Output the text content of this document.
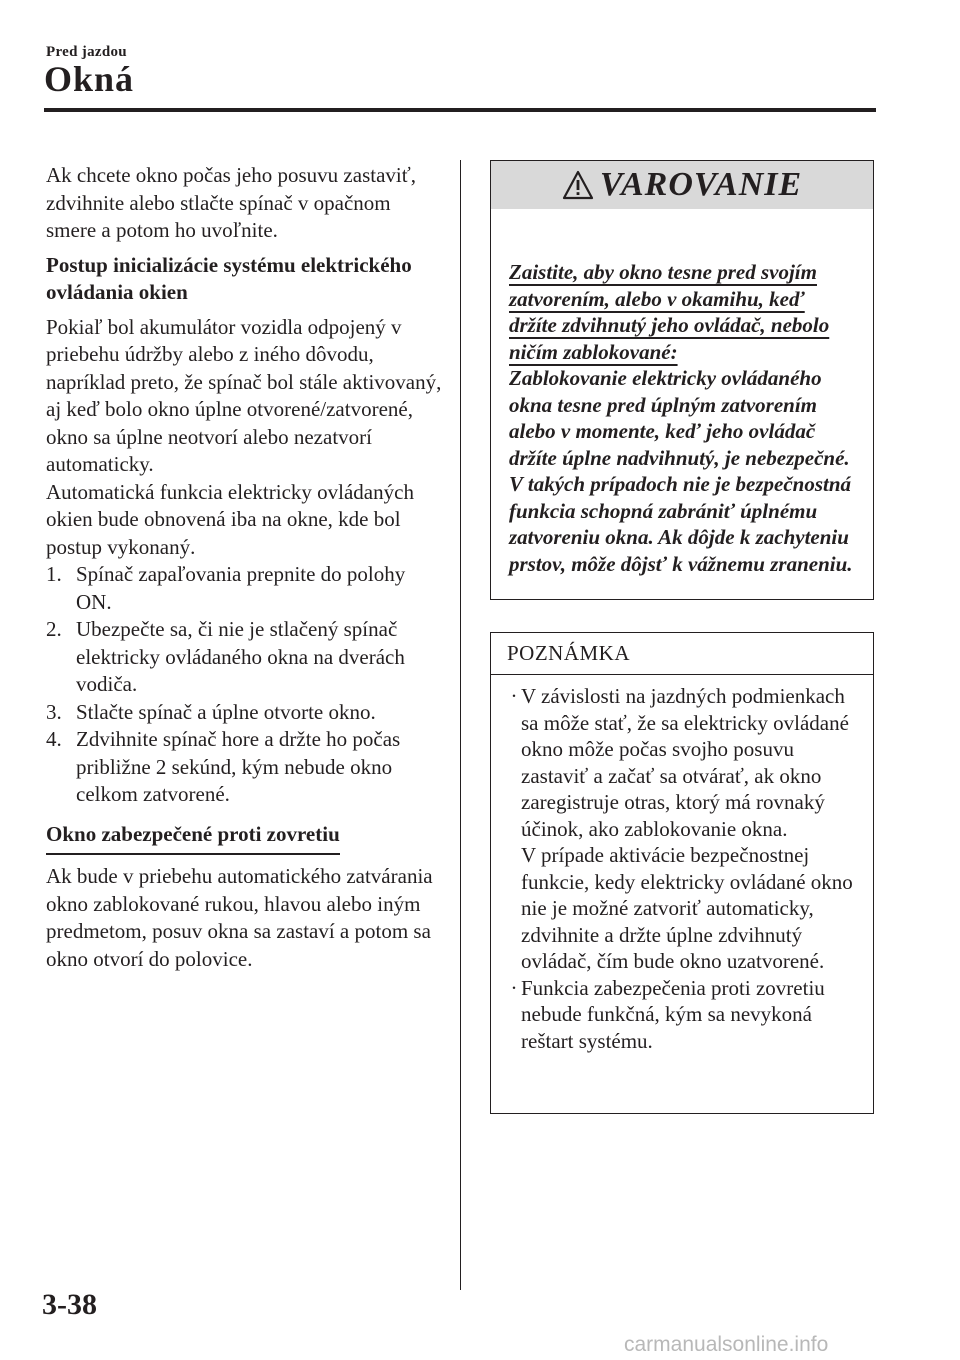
Pred jazdou
Okná

Ak chcete okno počas jeho posuvu zastaviť, zdvihnite alebo stlačte spínač v opačnom smere a potom ho uvoľnite.

Postup inicializácie systému elektrického ovládania okien

Pokiaľ bol akumulátor vozidla odpojený v priebehu údržby alebo z iného dôvodu, napríklad preto, že spínač bol stále aktivovaný, aj keď bolo okno úplne otvorené/zatvorené, okno sa úplne neotvorí alebo nezatvorí automaticky.

Automatická funkcia elektricky ovládaných okien bude obnovená iba na okne, kde bol postup vykonaný.

1. Spínač zapaľovania prepnite do polohy ON.
2. Ubezpečte sa, či nie je stlačený spínač elektricky ovládaného okna na dverách vodiča.
3. Stlačte spínač a úplne otvorte okno.
4. Zdvihnite spínač hore a držte ho počas približne 2 sekúnd, kým nebude okno celkom zatvorené.
Okno zabezpečené proti zovretiu

Ak bude v priebehu automatického zatvárania okno zablokované rukou, hlavou alebo iným predmetom, posuv okna sa zastaví a potom sa okno otvorí do polovice.

VAROVANIE

Zaistite, aby okno tesne pred svojím zatvorením, alebo v okamihu, keď držíte zdvihnutý jeho ovládač, nebolo ničím zablokované:

Zablokovanie elektricky ovládaného okna tesne pred úplným zatvorením alebo v momente, keď jeho ovládač držíte úplne nadvihnutý, je nebezpečné.

V takých prípadoch nie je bezpečnostná funkcia schopná zabrániť úplnému zatvoreniu okna. Ak dôjde k zachyteniu prstov, môže dôjsť k vážnemu zraneniu.

POZNÁMKA
· V závislosti na jazdných podmienkach sa môže stať, že sa elektricky ovládané okno môže počas svojho posuvu zastaviť a začať sa otvárať, ak okno zaregistruje otras, ktorý má rovnaký účinok, ako zablokovanie okna.

V prípade aktivácie bezpečnostnej funkcie, kedy elektricky ovládané okno nie je možné zatvoriť automaticky, zdvihnite a držte úplne zdvihnutý ovládač, čím bude okno uzatvorené.

· Funkcia zabezpečenia proti zovretiu nebude funkčná, kým sa nevykoná reštart systému.

3-38
carmanualsonline.info
